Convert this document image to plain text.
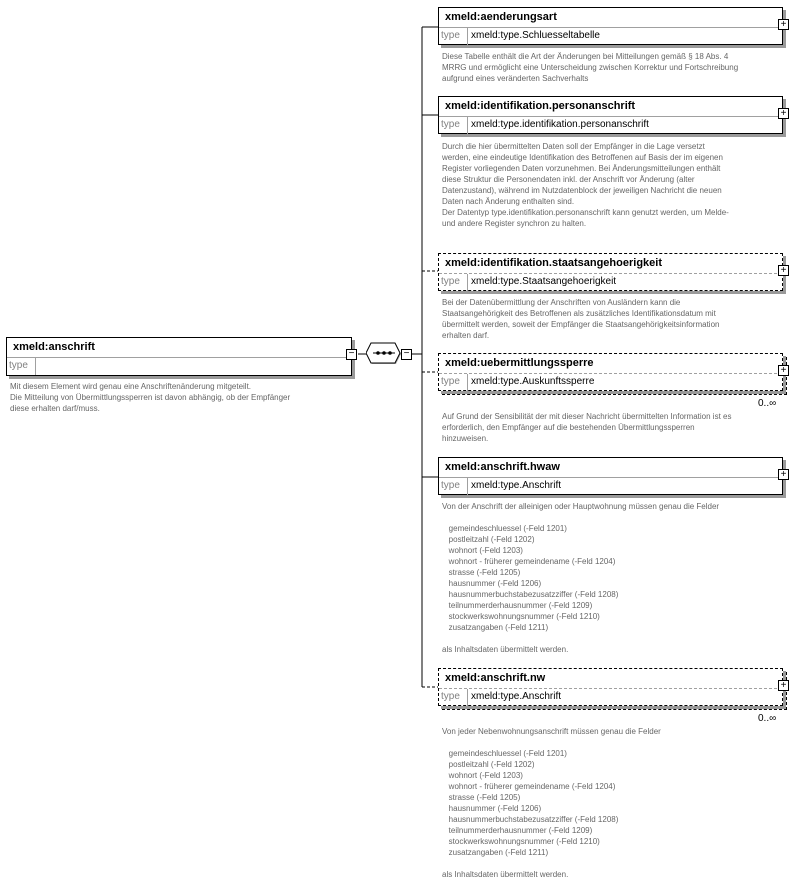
xmeld:anschrift
type
−
Mit diesem Element wird genau eine Anschriftenänderung mitgeteilt.
Die Mitteilung von Übermittlungssperren ist davon abhängig, ob der Empfänger
diese erhalten darf/muss.
−
xmeld:aenderungsart
type	xmeld:type.Schluesseltabelle
+
Diese Tabelle enthält die Art der Änderungen bei Mitteilungen gemäß § 18 Abs. 4
MRRG und ermöglicht eine Unterscheidung zwischen Korrektur und Fortschreibung
aufgrund eines veränderten Sachverhalts
xmeld:identifikation.personanschrift
type	xmeld:type.identifikation.personanschrift
+
Durch die hier übermittelten Daten soll der Empfänger in die Lage versetzt
werden, eine eindeutige Identifikation des Betroffenen auf Basis der im eigenen
Register vorliegenden Daten vorzunehmen. Bei Änderungsmitteilungen enthält
diese Struktur die Personendaten inkl. der Anschrift vor Änderung (alter
Datenzustand), während im Nutzdatenblock der jeweiligen Nachricht die neuen
Daten nach Änderung enthalten sind.
Der Datentyp type.identifikation.personanschrift kann genutzt werden, um Melde-
und andere Register synchron zu halten.
xmeld:identifikation.staatsangehoerigkeit
type	xmeld:type.Staatsangehoerigkeit
+
Bei der Datenübermittlung der Anschriften von Ausländern kann die
Staatsangehörigkeit des Betroffenen als zusätzliches Identifikationsdatum mit
übermittelt werden, soweit der Empfänger die Staatsangehörigkeitsinformation
erhalten darf.
xmeld:uebermittlungssperre
type	xmeld:type.Auskunftssperre
+
0..∞
Auf Grund der Sensibilität der mit dieser Nachricht übermittelten Information ist es
erforderlich, den Empfänger auf die bestehenden Übermittlungssperren
hinzuweisen.
xmeld:anschrift.hwaw
type	xmeld:type.Anschrift
+
Von der Anschrift der alleinigen oder Hauptwohnung müssen genau die Felder

gemeindeschluessel (-Feld 1201)
postleitzahl (-Feld 1202)
wohnort (-Feld 1203)
wohnort - früherer gemeindename (-Feld 1204)
strasse (-Feld 1205)
hausnummer (-Feld 1206)
hausnummerbuchstabezusatzziffer (-Feld 1208)
teilnummerderhausnummer (-Feld 1209)
stockwerkswohnungsnummer (-Feld 1210)
zusatzangaben (-Feld 1211)

als Inhaltsdaten übermittelt werden.
xmeld:anschrift.nw
type	xmeld:type.Anschrift
+
0..∞
Von jeder Nebenwohnungsanschrift müssen genau die Felder

gemeindeschluessel (-Feld 1201)
postleitzahl (-Feld 1202)
wohnort (-Feld 1203)
wohnort - früherer gemeindename (-Feld 1204)
strasse (-Feld 1205)
hausnummer (-Feld 1206)
hausnummerbuchstabezusatzziffer (-Feld 1208)
teilnummerderhausnummer (-Feld 1209)
stockwerkswohnungsnummer (-Feld 1210)
zusatzangaben (-Feld 1211)

als Inhaltsdaten übermittelt werden.
